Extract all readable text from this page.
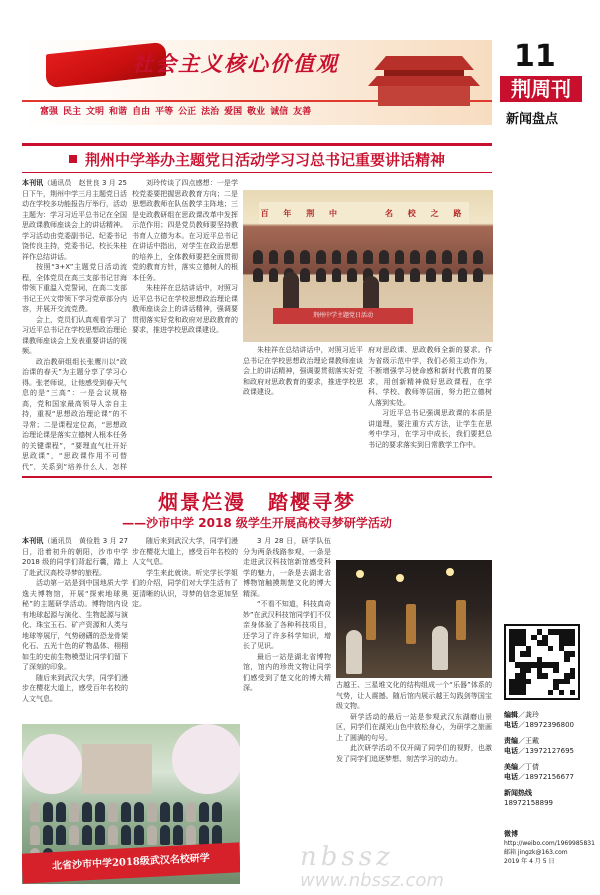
社会主义核心价值观
富强 民主 文明 和谐 自由 平等 公正 法治 爱国 敬业 诚信 友善
11
荆周刊
新闻盘点
荆州中学举办主题党日活动学习习总书记重要讲话精神

本刊讯（通讯员　赵世良 3 月 25 日下午，荆州中学三月主题党日活动在学校多功能报告厅举行，活动主题为：学习习近平总书记在全国思政课教师座谈会上的讲话精神。学习活动由党委副书记、纪委书记饶传良主持，党委书记、校长朱桂祥作总结讲话。

按照“3+X”主题党日活动流程，全体党员在高三支部书记甘海带领下重温入党誓词，在高二支部书记王兴文带领下学习党章部分内容，并展开交流党费。

会上，党员们认真观看学习了习近平总书记在学校思想政治理论课教师座谈会上发表重要讲话的视频。

政治教研组组长张鹰川以“政治课的春天”为主题分享了学习心得。张老师说，让他感受到春天气息的是“三高”：一是会议规格高，党和国家最高领导人亲自主持，重视“思想政治理论课”的不寻常；二是课程定位高，“思想政治理论课是落实立德树人根本任务的关键课程”，“要理直气壮开好思政课”，“思政课作用不可替代”，关系到“培养什么人，怎样

刘玲传谈了四点感想：一是学校党委要把握思政教育方向；二是思想政教师在队伍教学主阵地；三是史政教研组在思政课改革中发挥示范作用；四是党员教师要坚持教书育人立德为本。在习近平总书记在讲话中指出，对学生在政治思想的培养上，全体教师要把全面贯彻党的教育方针，落实立德树人的根本任务。

朱桂祥在总结讲话中，对照习近平总书记在学校思想政治理论课教师座谈会上的讲话精神，强调要贯彻落实好党和政府对思政教育的要求，推进学校思政课建设。

百 年 荆 中　　　名 校 之 路
荆州中学主题党日活动

朱桂祥在总结讲话中，对照习近平总书记在学校思想政治理论课教师座谈会上的讲话精神，强调要贯彻落实好党和政府对思政教育的要求，推进学校思政课建设。

府对思政课、思政教师全新的要求。作为省级示范中学，我们必须主动作为，不断增强学习使命感和新时代教育的要求，用创新精神做好思政课程，在学科、学校、教师等层面，努力把立德树人落到实处。

习近平总书记强调思政课的本质是讲道理，要注重方式方法，让学生在思考中学习，在学习中成长，我们要把总书记的要求落实到日常教学工作中。

烟景烂漫　踏樱寻梦
——沙市中学 2018 级学生开展高校寻梦研学活动

本刊讯（通讯员　黄俭胜 3 月 27 日，沿着初升的朝阳，沙市中学 2018 级的同学们背起行囊，踏上了赴武汉高校寻梦的旅程。

活动第一站是到中国地质大学逸夫博物馆，开展“探索地球奥秘”的主题研学活动。博物馆内设有地球起源与演化、生物起源与演化、珠宝玉石、矿产资源和人类与地球等展厅，气势磅礴的恐龙骨架化石、五光十色的矿物晶体、栩栩如生的史前生物模型让同学们留下了深刻的印象。

随后来到武汉大学，同学们漫步在樱花大道上，感受百年名校的人文气息。

随后来到武汉大学，同学们漫步在樱花大道上，感受百年名校的人文气息。

学生来此就读。听完学长学姐们的介绍，同学们对大学生活有了更清晰的认识，寻梦的信念更加坚定。

3 月 28 日，研学队伍分为两条线路参观，一条是走进武汉科技馆新馆感受科学的魅力，一条是去湖北省博物馆触摸荆楚文化的博大精深。

“不看不知道，科技真奇妙”在武汉科技馆同学们不仅亲身体验了各种科技项目，还学习了许多科学知识，增长了见识。

最后一站是湖北省博物馆，馆内的珍贵文物让同学们感受到了楚文化的博大精深。	古越王、三星堆文化的结构组成一个“乐器”体系的气势，让人震撼。随后馆内展示越王勾践剑等国宝级文物。

研学活动的最后一站是参观武汉东湖磨山景区，同学们在湖光山色中放松身心，为研学之旅画上了圆满的句号。

此次研学活动不仅开阔了同学们的视野，也激发了同学们追逐梦想、刻苦学习的动力。

北省沙市中学2018级武汉名校研学
编辑／龚玲
电话／18972396800
责编／王戴
电话／13972127695
美编／丁倩
电话／18972156677
新闻热线
18972158899
微博
http://weibo.com/1969985831
邮箱 jingzk@163.com
2019 年 4 月 5 日
nbssz
www.nbssz.com
